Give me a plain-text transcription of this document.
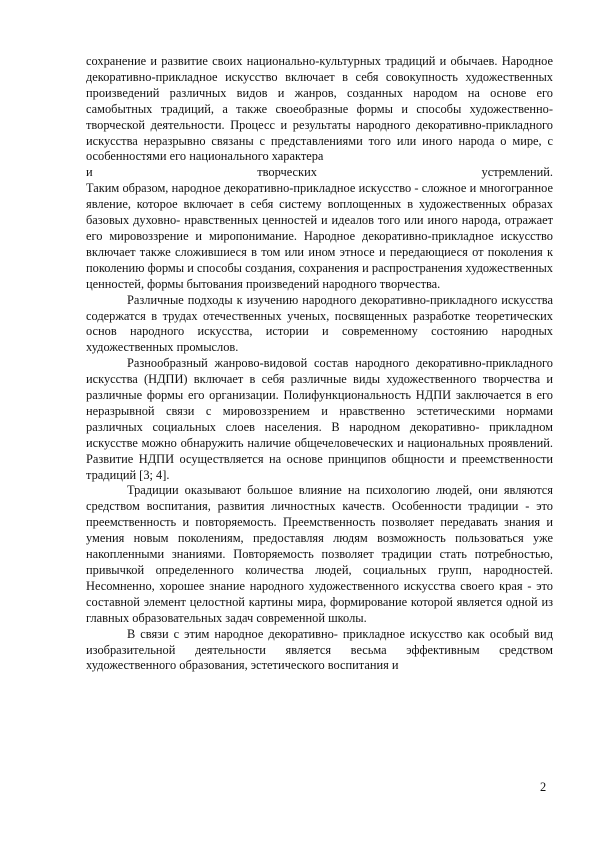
сохранение и развитие своих национально-культурных традиций и обычаев. Народное декоративно-прикладное искусство включает в себя совокупность художественных произведений различных видов и жанров, созданных народом на основе его самобытных традиций, а также своеобразные формы и способы художественно-творческой деятельности. Процесс и результаты народного декоративно-прикладного искусства неразрывно связаны с представлениями того или иного народа о мире, с особенностями его национального характера

и	творческих	устремлений.

Таким образом, народное декоративно-прикладное искусство - сложное и многогранное явление, которое включает в себя систему воплощенных в художественных образах базовых духовно- нравственных ценностей и идеалов того или иного народа, отражает его мировоззрение и миропонимание. Народное декоративно-прикладное искусство включает также сложившиеся в том или ином этносе и передающиеся от поколения к поколению формы и способы создания, сохранения и распространения художественных ценностей, формы бытования произведений народного творчества.

Различные подходы к изучению народного декоративно-прикладного искусства содержатся в трудах отечественных ученых, посвященных разработке теоретических основ народного искусства, истории и современному состоянию народных художественных промыслов.

Разнообразный жанрово-видовой состав народного декоративно-прикладного искусства (НДПИ) включает в себя различные виды художественного творчества и различные формы его организации. Полифункциональность НДПИ заключается в его неразрывной связи с мировоззрением и нравственно эстетическими нормами различных социальных слоев населения. В народном декоративно- прикладном искусстве можно обнаружить наличие общечеловеческих и национальных проявлений. Развитие НДПИ осуществляется на основе принципов общности и преемственности традиций [3; 4].

Традиции оказывают большое влияние на психологию людей, они являются средством воспитания, развития личностных качеств. Особенности традиции - это преемственность и повторяемость. Преемственность позволяет передавать знания и умения новым поколениям, предоставляя людям возможность пользоваться уже накопленными знаниями. Повторяемость позволяет традиции стать потребностью, привычкой определенного количества людей, социальных групп, народностей. Несомненно, хорошее знание народного художественного искусства своего края - это составной элемент целостной картины мира, формирование которой является одной из главных образовательных задач современной школы.

В связи с этим народное декоративно- прикладное искусство как особый вид изобразительной деятельности является весьма эффективным средством художественного образования, эстетического воспитания и

2
